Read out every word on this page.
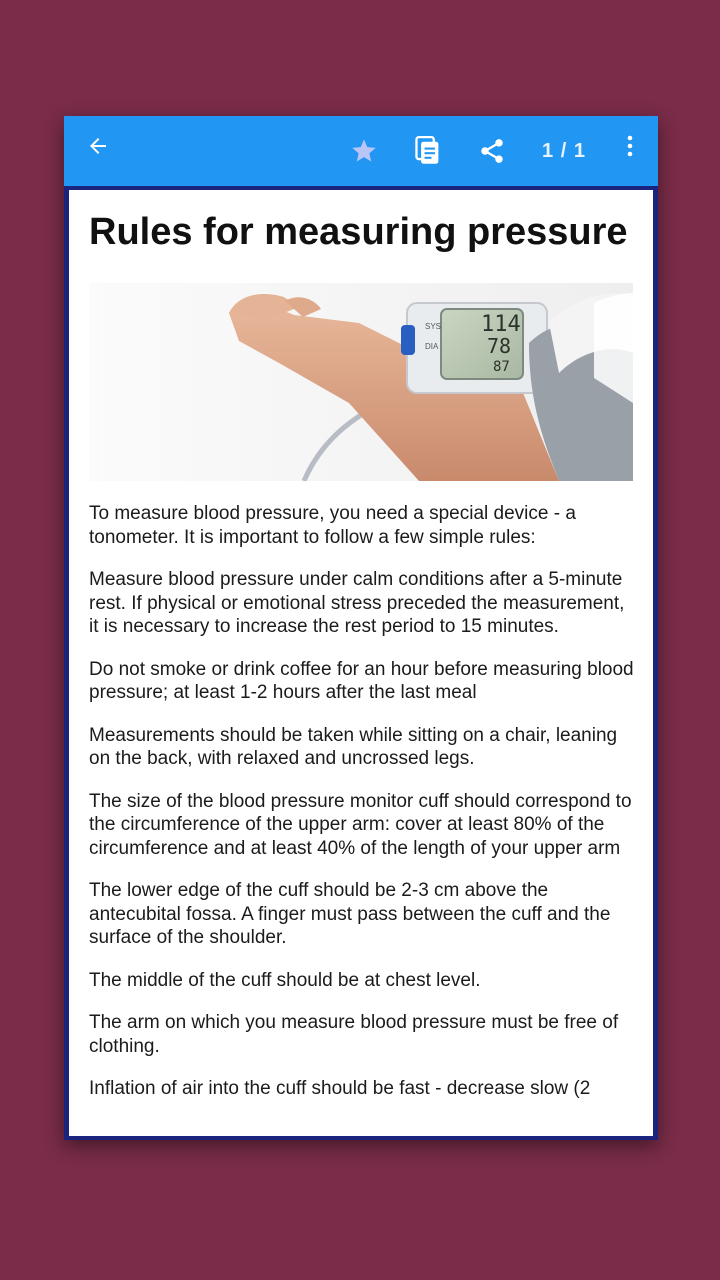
1 / 1
Rules for measuring pressure
SYS
DIA
114
78
87

To measure blood pressure, you need a special device - a tonometer. It is important to follow a few simple rules:

Measure blood pressure under calm conditions after a 5-minute rest. If physical or emotional stress preceded the measurement, it is necessary to increase the rest period to 15 minutes.

Do not smoke or drink coffee for an hour before measuring blood pressure; at least 1-2 hours after the last meal

Measurements should be taken while sitting on a chair, leaning on the back, with relaxed and uncrossed legs.

The size of the blood pressure monitor cuff should correspond to the circumference of the upper arm: cover at least 80% of the circumference and at least 40% of the length of your upper arm

The lower edge of the cuff should be 2-3 cm above the antecubital fossa. A finger must pass between the cuff and the surface of the shoulder.

The middle of the cuff should be at chest level.

The arm on which you measure blood pressure must be free of clothing.

Inflation of air into the cuff should be fast - decrease slow (2
